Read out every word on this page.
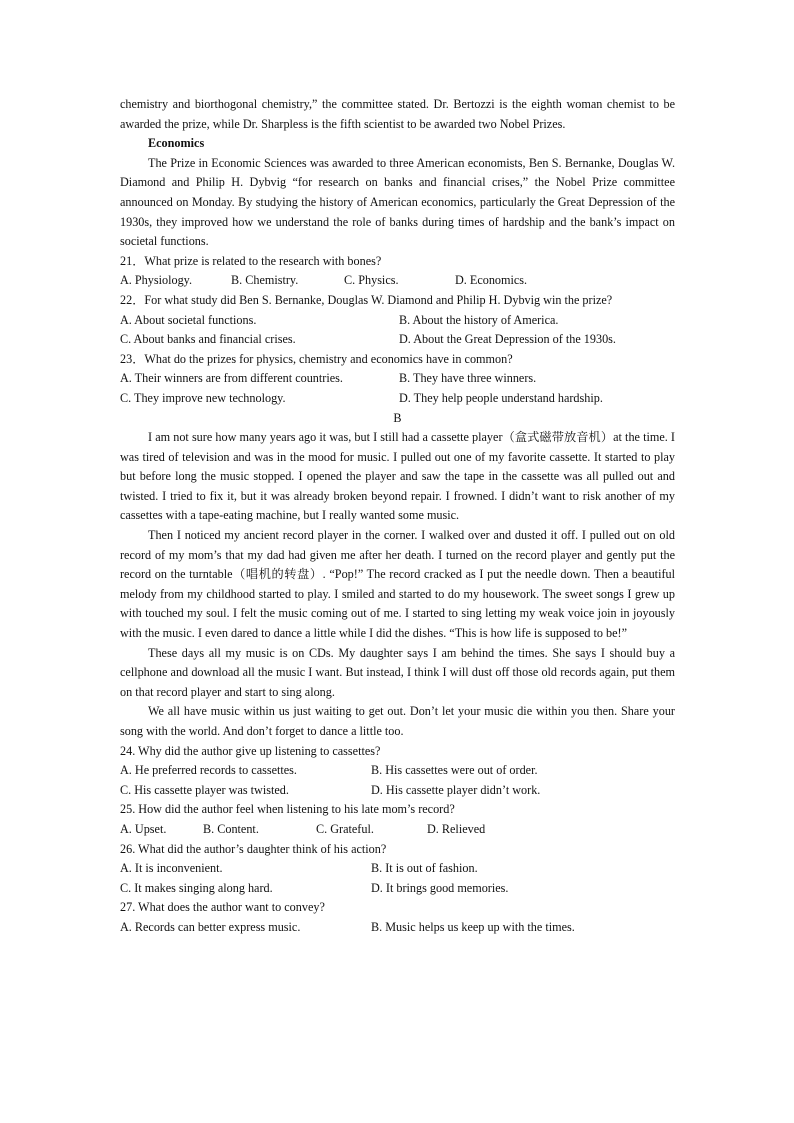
chemistry and biorthogonal chemistry,” the committee stated. Dr. Bertozzi is the eighth woman chemist to be awarded the prize, while Dr. Sharpless is the fifth scientist to be awarded two Nobel Prizes.

Economics

The Prize in Economic Sciences was awarded to three American economists, Ben S. Bernanke, Douglas W. Diamond and Philip H. Dybvig “for research on banks and financial crises,” the Nobel Prize committee announced on Monday. By studying the history of American economics, particularly the Great Depression of the 1930s, they improved how we understand the role of banks during times of hardship and the bank’s impact on societal functions.

21．What prize is related to the research with bones?

A. Physiology.	B. Chemistry.	C. Physics.	D. Economics.

22．For what study did Ben S. Bernanke, Douglas W. Diamond and Philip H. Dybvig win the prize?

A. About societal functions.	B. About the history of America.
C. About banks and financial crises.	D. About the Great Depression of the 1930s.

23．What do the prizes for physics, chemistry and economics have in common?

A. Their winners are from different countries.	B. They have three winners.
C. They improve new technology.	D. They help people understand hardship.

B

I am not sure how many years ago it was, but I still had a cassette player（盒式磁带放音机）at the time. I was tired of television and was in the mood for music. I pulled out one of my favorite cassette. It started to play but before long the music stopped. I opened the player and saw the tape in the cassette was all pulled out and twisted. I tried to fix it, but it was already broken beyond repair. I frowned. I didn’t want to risk another of my cassettes with a tape-eating machine, but I really wanted some music.

Then I noticed my ancient record player in the corner. I walked over and dusted it off. I pulled out on old record of my mom’s that my dad had given me after her death. I turned on the record player and gently put the record on the turntable（唱机的转盘）. “Pop!” The record cracked as I put the needle down. Then a beautiful melody from my childhood started to play. I smiled and started to do my housework. The sweet songs I grew up with touched my soul. I felt the music coming out of me. I started to sing letting my weak voice join in joyously with the music. I even dared to dance a little while I did the dishes. “This is how life is supposed to be!”

These days all my music is on CDs. My daughter says I am behind the times. She says I should buy a cellphone and download all the music I want. But instead, I think I will dust off those old records again, put them on that record player and start to sing along.

We all have music within us just waiting to get out. Don’t let your music die within you then. Share your song with the world. And don’t forget to dance a little too.

24. Why did the author give up listening to cassettes?

A. He preferred records to cassettes.	B. His cassettes were out of order.
C. His cassette player was twisted.	D. His cassette player didn’t work.

25. How did the author feel when listening to his late mom’s record?

A. Upset.	B. Content.	C. Grateful.	D. Relieved

26. What did the author’s daughter think of his action?

A. It is inconvenient.	B. It is out of fashion.
C. It makes singing along hard.	D. It brings good memories.

27. What does the author want to convey?

A. Records can better express music.	B. Music helps us keep up with the times.
